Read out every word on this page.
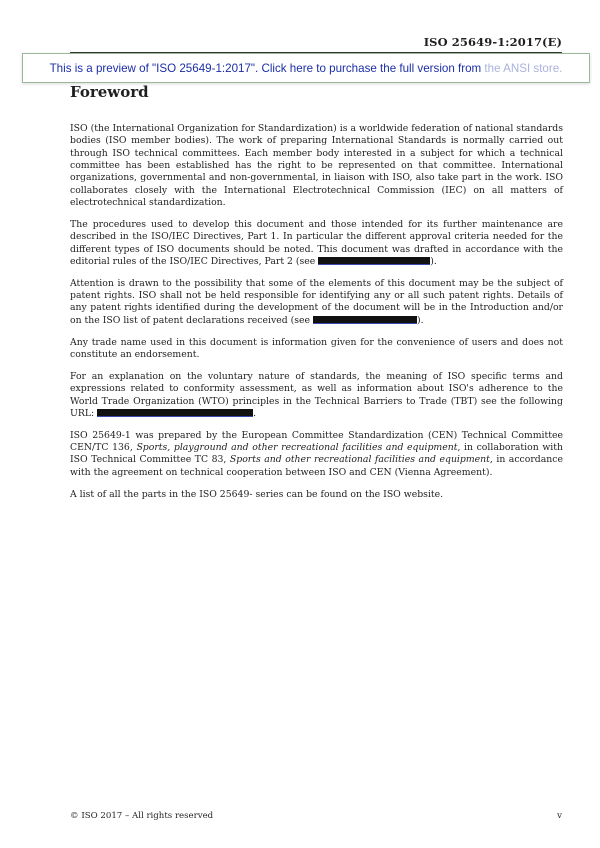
ISO 25649-1:2017(E)
This is a preview of "ISO 25649-1:2017". Click here to purchase the full version from the ANSI store.
Foreword

ISO (the International Organization for Standardization) is a worldwide federation of national standards bodies (ISO member bodies). The work of preparing International Standards is normally carried out through ISO technical committees. Each member body interested in a subject for which a technical committee has been established has the right to be represented on that committee. International organizations, governmental and non-governmental, in liaison with ISO, also take part in the work. ISO collaborates closely with the International Electrotechnical Commission (IEC) on all matters of electrotechnical standardization.

The procedures used to develop this document and those intended for its further maintenance are described in the ISO/IEC Directives, Part 1. In particular the different approval criteria needed for the different types of ISO documents should be noted. This document was drafted in accordance with the editorial rules of the ISO/IEC Directives, Part 2 (see	).

Attention is drawn to the possibility that some of the elements of this document may be the subject of patent rights. ISO shall not be held responsible for identifying any or all such patent rights. Details of any patent rights identified during the development of the document will be in the Introduction and/or on the ISO list of patent declarations received (see	).

Any trade name used in this document is information given for the convenience of users and does not constitute an endorsement.

For an explanation on the voluntary nature of standards, the meaning of ISO specific terms and expressions related to conformity assessment, as well as information about ISO's adherence to the World Trade Organization (WTO) principles in the Technical Barriers to Trade (TBT) see the following URL:	.

ISO 25649-1 was prepared by the European Committee Standardization (CEN) Technical Committee CEN/TC 136, Sports, playground and other recreational facilities and equipment, in collaboration with ISO Technical Committee TC 83, Sports and other recreational facilities and equipment, in accordance with the agreement on technical cooperation between ISO and CEN (Vienna Agreement).

A list of all the parts in the ISO 25649- series can be found on the ISO website.

© ISO 2017 – All rights reserved	v
